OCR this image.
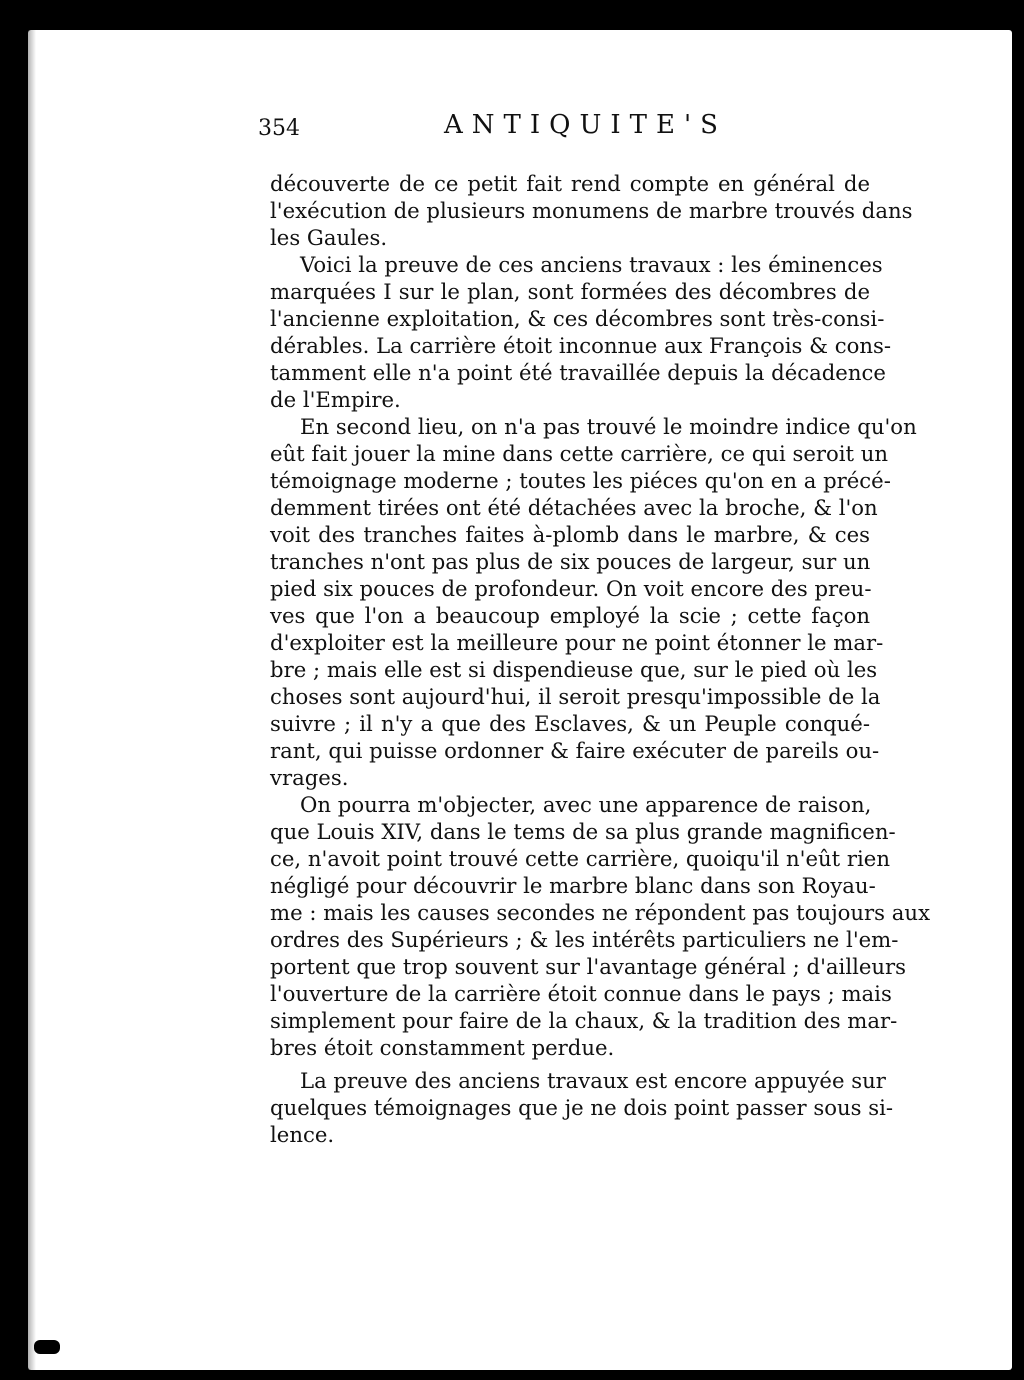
354	ANTIQUITE'S

découverte de ce petit fait rend compte en général de
l'exécution de plusieurs monumens de marbre trouvés dans
les Gaules.

Voici la preuve de ces anciens travaux : les éminences
marquées I sur le plan, sont formées des décombres de
l'ancienne exploitation, & ces décombres sont très-consi-
dérables. La carrière étoit inconnue aux François & cons-
tamment elle n'a point été travaillée depuis la décadence
de l'Empire.

En second lieu, on n'a pas trouvé le moindre indice qu'on
eût fait jouer la mine dans cette carrière, ce qui seroit un
témoignage moderne ; toutes les piéces qu'on en a précé-
demment tirées ont été détachées avec la broche, & l'on
voit des tranches faites à-plomb dans le marbre, & ces
tranches n'ont pas plus de six pouces de largeur, sur un
pied six pouces de profondeur. On voit encore des preu-
ves que l'on a beaucoup employé la scie ; cette façon
d'exploiter est la meilleure pour ne point étonner le mar-
bre ; mais elle est si dispendieuse que, sur le pied où les
choses sont aujourd'hui, il seroit presqu'impossible de la
suivre ; il n'y a que des Esclaves, & un Peuple conqué-
rant, qui puisse ordonner & faire exécuter de pareils ou-
vrages.

On pourra m'objecter, avec une apparence de raison,
que Louis XIV, dans le tems de sa plus grande magnificen-
ce, n'avoit point trouvé cette carrière, quoiqu'il n'eût rien
négligé pour découvrir le marbre blanc dans son Royau-
me : mais les causes secondes ne répondent pas toujours aux
ordres des Supérieurs ; & les intérêts particuliers ne l'em-
portent que trop souvent sur l'avantage général ; d'ailleurs
l'ouverture de la carrière étoit connue dans le pays ; mais
simplement pour faire de la chaux, & la tradition des mar-
bres étoit constamment perdue.

La preuve des anciens travaux est encore appuyée sur
quelques témoignages que je ne dois point passer sous si-
lence.
